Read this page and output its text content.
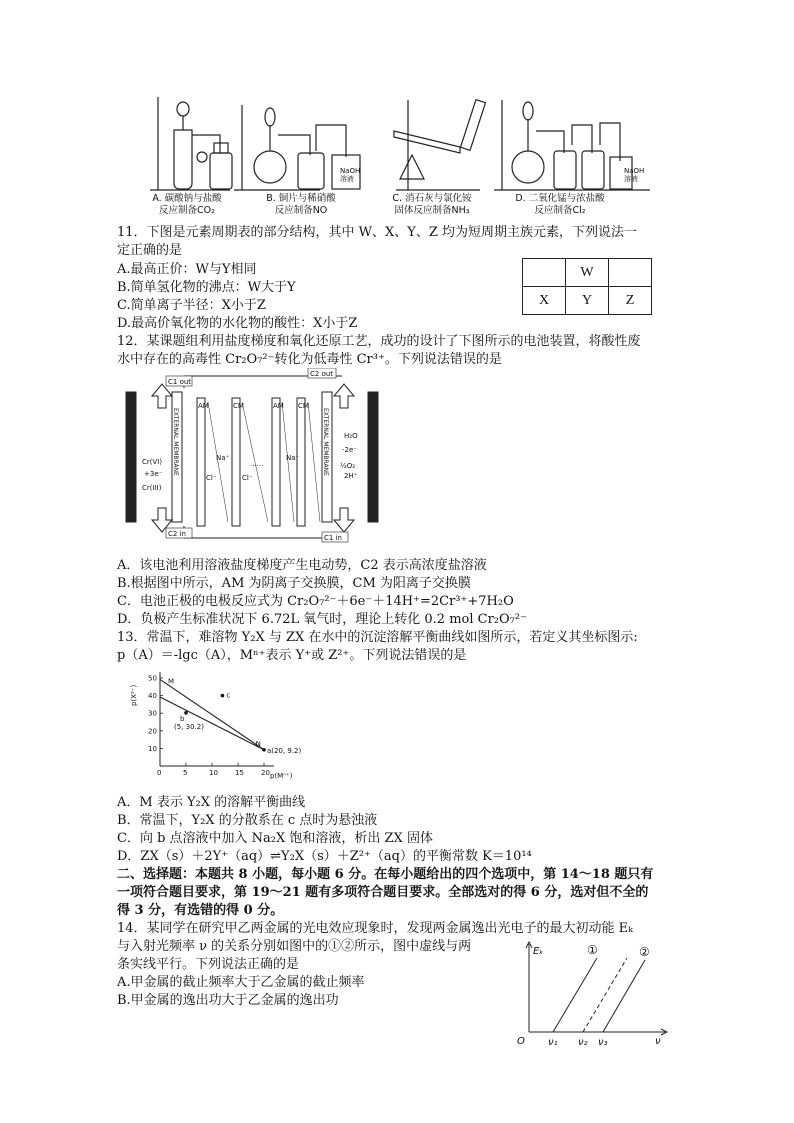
NaOH
溶液
NaOH
溶液
A. 碳酸钠与盐酸
反应制备CO₂
B. 铜片与稀硝酸
反应制备NO
C. 消石灰与氯化铵
固体反应制备NH₃
D. 二氧化锰与浓盐酸
反应制备Cl₂
11．下图是元素周期表的部分结构，其中 W、X、Y、Z 均为短周期主族元素，下列说法一
定正确的是
A.最高正价：W与Y相同
B.简单氢化物的沸点：W大于Y
C.简单离子半径：X小于Z
D.最高价氧化物的水化物的酸性：X小于Z
	W	
X	Y	Z
12．某课题组利用盐度梯度和氧化还原工艺，成功的设计了下图所示的电池装置，将酸性废
水中存在的高毒性 Cr₂O₇²⁻转化为低毒性 Cr³⁺。下列说法错误的是
C1 out
C2 out
C2 in	C1 in
Cr(VI)
+3e⁻
Cr(III)
H₂O
-2e⁻
½O₂
2H⁺
AM	CM	AM CM
Na⁺	Na⁺
Cl⁻	Cl⁻
......
EXTERNAL MEMBRANE	EXTERNAL MEMBRANE
A．该电池利用溶液盐度梯度产生电动势，C2 表示高浓度盐溶液
B.根据图中所示，AM 为阴离子交换膜，CM 为阳离子交换膜
C．电池正极的电极反应式为 Cr₂O₇²⁻＋6e⁻＋14H⁺=2Cr³⁺+7H₂O
D．负极产生标准状况下 6.72L 氧气时，理论上转化 0.2 mol Cr₂O₇²⁻
13．常温下，难溶物 Y₂X 与 ZX 在水中的沉淀溶解平衡曲线如图所示，若定义其坐标图示:
p（A）＝-lgc（A），Mⁿ⁺表示 Y⁺或 Z²⁺。下列说法错误的是
0	5	10 15 20
10
20
30
40
50
p(Mⁿ⁺)
p(X²⁻)
M
N
c
b
(5, 30.2)
a(20, 9.2)
A．M 表示 Y₂X 的溶解平衡曲线
B．常温下，Y₂X 的分散系在 c 点时为悬浊液
C．向 b 点溶液中加入 Na₂X 饱和溶液，析出 ZX 固体
D．ZX（s）＋2Y⁺（aq）⇌Y₂X（s）＋Z²⁺（aq）的平衡常数 K＝10¹⁴
二、选择题：本题共 8 小题，每小题 6 分。在每小题给出的四个选项中，第 14～18 题只有
一项符合题目要求，第 19～21 题有多项符合题目要求。全部选对的得 6 分，选对但不全的
得 3 分，有选错的得 0 分。
14．某同学在研究甲乙两金属的光电效应现象时，发现两金属逸出光电子的最大初动能 Eₖ
与入射光频率 ν 的关系分别如图中的①②所示，图中虚线与两
条实线平行。下列说法正确的是
A.甲金属的截止频率大于乙金属的截止频率
B.甲金属的逸出功大于乙金属的逸出功
Eₖ
O	ν
ν₁ ν₂ ν₃
①	②
